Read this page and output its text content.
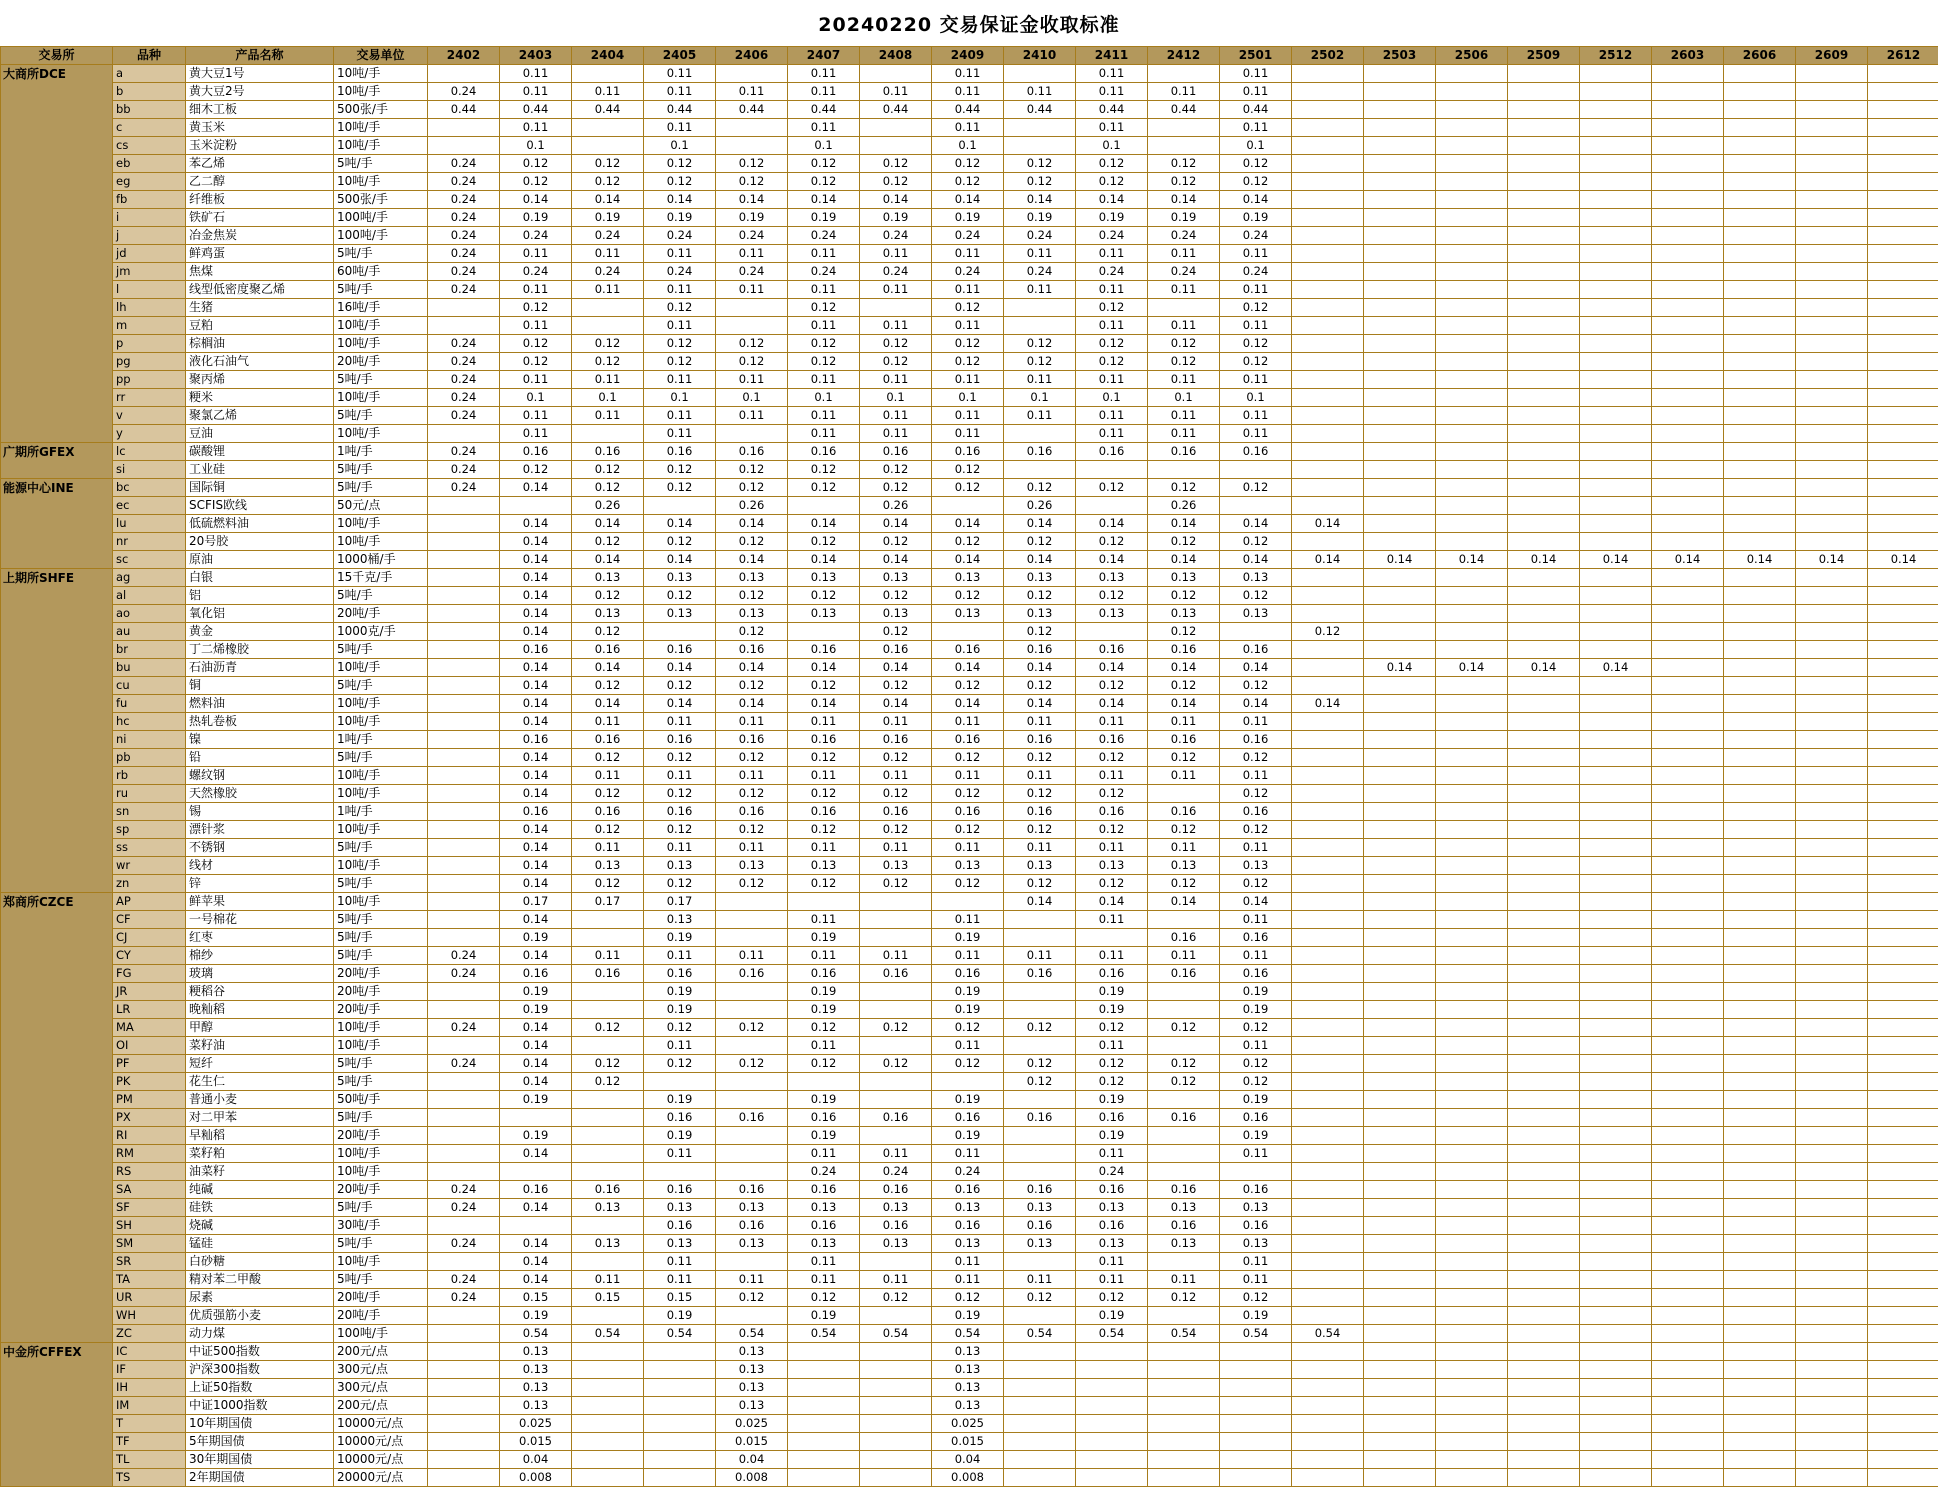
20240220 交易保证金收取标准
交易所	品种	产品名称	交易单位	2402	2403	2404	2405	2406	2407	2408	2409	2410	2411	2412	2501	2502	2503	2506	2509	2512	2603	2606	2609	2612
大商所DCE	a	黄大豆1号	10吨/手		0.11		0.11		0.11		0.11		0.11		0.11									
	b	黄大豆2号	10吨/手	0.24	0.11	0.11	0.11	0.11	0.11	0.11	0.11	0.11	0.11	0.11	0.11									
	bb	细木工板	500张/手	0.44	0.44	0.44	0.44	0.44	0.44	0.44	0.44	0.44	0.44	0.44	0.44									
	c	黄玉米	10吨/手		0.11		0.11		0.11		0.11		0.11		0.11									
	cs	玉米淀粉	10吨/手		0.1		0.1		0.1		0.1		0.1		0.1									
	eb	苯乙烯	5吨/手	0.24	0.12	0.12	0.12	0.12	0.12	0.12	0.12	0.12	0.12	0.12	0.12									
	eg	乙二醇	10吨/手	0.24	0.12	0.12	0.12	0.12	0.12	0.12	0.12	0.12	0.12	0.12	0.12									
	fb	纤维板	500张/手	0.24	0.14	0.14	0.14	0.14	0.14	0.14	0.14	0.14	0.14	0.14	0.14									
	i	铁矿石	100吨/手	0.24	0.19	0.19	0.19	0.19	0.19	0.19	0.19	0.19	0.19	0.19	0.19									
	j	冶金焦炭	100吨/手	0.24	0.24	0.24	0.24	0.24	0.24	0.24	0.24	0.24	0.24	0.24	0.24									
	jd	鲜鸡蛋	5吨/手	0.24	0.11	0.11	0.11	0.11	0.11	0.11	0.11	0.11	0.11	0.11	0.11									
	jm	焦煤	60吨/手	0.24	0.24	0.24	0.24	0.24	0.24	0.24	0.24	0.24	0.24	0.24	0.24									
	l	线型低密度聚乙烯	5吨/手	0.24	0.11	0.11	0.11	0.11	0.11	0.11	0.11	0.11	0.11	0.11	0.11									
	lh	生猪	16吨/手		0.12		0.12		0.12		0.12		0.12		0.12									
	m	豆粕	10吨/手		0.11		0.11		0.11	0.11	0.11		0.11	0.11	0.11									
	p	棕榈油	10吨/手	0.24	0.12	0.12	0.12	0.12	0.12	0.12	0.12	0.12	0.12	0.12	0.12									
	pg	液化石油气	20吨/手	0.24	0.12	0.12	0.12	0.12	0.12	0.12	0.12	0.12	0.12	0.12	0.12									
	pp	聚丙烯	5吨/手	0.24	0.11	0.11	0.11	0.11	0.11	0.11	0.11	0.11	0.11	0.11	0.11									
	rr	粳米	10吨/手	0.24	0.1	0.1	0.1	0.1	0.1	0.1	0.1	0.1	0.1	0.1	0.1									
	v	聚氯乙烯	5吨/手	0.24	0.11	0.11	0.11	0.11	0.11	0.11	0.11	0.11	0.11	0.11	0.11									
	y	豆油	10吨/手		0.11		0.11		0.11	0.11	0.11		0.11	0.11	0.11									
广期所GFEX	lc	碳酸锂	1吨/手	0.24	0.16	0.16	0.16	0.16	0.16	0.16	0.16	0.16	0.16	0.16	0.16									
	si	工业硅	5吨/手	0.24	0.12	0.12	0.12	0.12	0.12	0.12	0.12													
能源中心INE	bc	国际铜	5吨/手	0.24	0.14	0.12	0.12	0.12	0.12	0.12	0.12	0.12	0.12	0.12	0.12									
	ec	SCFIS欧线	50元/点			0.26		0.26		0.26		0.26		0.26										
	lu	低硫燃料油	10吨/手		0.14	0.14	0.14	0.14	0.14	0.14	0.14	0.14	0.14	0.14	0.14	0.14								
	nr	20号胶	10吨/手		0.14	0.12	0.12	0.12	0.12	0.12	0.12	0.12	0.12	0.12	0.12									
	sc	原油	1000桶/手		0.14	0.14	0.14	0.14	0.14	0.14	0.14	0.14	0.14	0.14	0.14	0.14	0.14	0.14	0.14	0.14	0.14	0.14	0.14	0.14
上期所SHFE	ag	白银	15千克/手		0.14	0.13	0.13	0.13	0.13	0.13	0.13	0.13	0.13	0.13	0.13									
	al	铝	5吨/手		0.14	0.12	0.12	0.12	0.12	0.12	0.12	0.12	0.12	0.12	0.12									
	ao	氧化铝	20吨/手		0.14	0.13	0.13	0.13	0.13	0.13	0.13	0.13	0.13	0.13	0.13									
	au	黄金	1000克/手		0.14	0.12		0.12		0.12		0.12		0.12		0.12								
	br	丁二烯橡胶	5吨/手		0.16	0.16	0.16	0.16	0.16	0.16	0.16	0.16	0.16	0.16	0.16									
	bu	石油沥青	10吨/手		0.14	0.14	0.14	0.14	0.14	0.14	0.14	0.14	0.14	0.14	0.14		0.14	0.14	0.14	0.14				
	cu	铜	5吨/手		0.14	0.12	0.12	0.12	0.12	0.12	0.12	0.12	0.12	0.12	0.12									
	fu	燃料油	10吨/手		0.14	0.14	0.14	0.14	0.14	0.14	0.14	0.14	0.14	0.14	0.14	0.14								
	hc	热轧卷板	10吨/手		0.14	0.11	0.11	0.11	0.11	0.11	0.11	0.11	0.11	0.11	0.11									
	ni	镍	1吨/手		0.16	0.16	0.16	0.16	0.16	0.16	0.16	0.16	0.16	0.16	0.16									
	pb	铅	5吨/手		0.14	0.12	0.12	0.12	0.12	0.12	0.12	0.12	0.12	0.12	0.12									
	rb	螺纹钢	10吨/手		0.14	0.11	0.11	0.11	0.11	0.11	0.11	0.11	0.11	0.11	0.11									
	ru	天然橡胶	10吨/手		0.14	0.12	0.12	0.12	0.12	0.12	0.12	0.12	0.12		0.12									
	sn	锡	1吨/手		0.16	0.16	0.16	0.16	0.16	0.16	0.16	0.16	0.16	0.16	0.16									
	sp	漂针浆	10吨/手		0.14	0.12	0.12	0.12	0.12	0.12	0.12	0.12	0.12	0.12	0.12									
	ss	不锈钢	5吨/手		0.14	0.11	0.11	0.11	0.11	0.11	0.11	0.11	0.11	0.11	0.11									
	wr	线材	10吨/手		0.14	0.13	0.13	0.13	0.13	0.13	0.13	0.13	0.13	0.13	0.13									
	zn	锌	5吨/手		0.14	0.12	0.12	0.12	0.12	0.12	0.12	0.12	0.12	0.12	0.12									
郑商所CZCE	AP	鲜苹果	10吨/手		0.17	0.17	0.17					0.14	0.14	0.14	0.14									
	CF	一号棉花	5吨/手		0.14		0.13		0.11		0.11		0.11		0.11									
	CJ	红枣	5吨/手		0.19		0.19		0.19		0.19			0.16	0.16									
	CY	棉纱	5吨/手	0.24	0.14	0.11	0.11	0.11	0.11	0.11	0.11	0.11	0.11	0.11	0.11									
	FG	玻璃	20吨/手	0.24	0.16	0.16	0.16	0.16	0.16	0.16	0.16	0.16	0.16	0.16	0.16									
	JR	粳稻谷	20吨/手		0.19		0.19		0.19		0.19		0.19		0.19									
	LR	晚籼稻	20吨/手		0.19		0.19		0.19		0.19		0.19		0.19									
	MA	甲醇	10吨/手	0.24	0.14	0.12	0.12	0.12	0.12	0.12	0.12	0.12	0.12	0.12	0.12									
	OI	菜籽油	10吨/手		0.14		0.11		0.11		0.11		0.11		0.11									
	PF	短纤	5吨/手	0.24	0.14	0.12	0.12	0.12	0.12	0.12	0.12	0.12	0.12	0.12	0.12									
	PK	花生仁	5吨/手		0.14	0.12						0.12	0.12	0.12	0.12									
	PM	普通小麦	50吨/手		0.19		0.19		0.19		0.19		0.19		0.19									
	PX	对二甲苯	5吨/手				0.16	0.16	0.16	0.16	0.16	0.16	0.16	0.16	0.16									
	RI	早籼稻	20吨/手		0.19		0.19		0.19		0.19		0.19		0.19									
	RM	菜籽粕	10吨/手		0.14		0.11		0.11	0.11	0.11		0.11		0.11									
	RS	油菜籽	10吨/手						0.24	0.24	0.24		0.24											
	SA	纯碱	20吨/手	0.24	0.16	0.16	0.16	0.16	0.16	0.16	0.16	0.16	0.16	0.16	0.16									
	SF	硅铁	5吨/手	0.24	0.14	0.13	0.13	0.13	0.13	0.13	0.13	0.13	0.13	0.13	0.13									
	SH	烧碱	30吨/手				0.16	0.16	0.16	0.16	0.16	0.16	0.16	0.16	0.16									
	SM	锰硅	5吨/手	0.24	0.14	0.13	0.13	0.13	0.13	0.13	0.13	0.13	0.13	0.13	0.13									
	SR	白砂糖	10吨/手		0.14		0.11		0.11		0.11		0.11		0.11									
	TA	精对苯二甲酸	5吨/手	0.24	0.14	0.11	0.11	0.11	0.11	0.11	0.11	0.11	0.11	0.11	0.11									
	UR	尿素	20吨/手	0.24	0.15	0.15	0.15	0.12	0.12	0.12	0.12	0.12	0.12	0.12	0.12									
	WH	优质强筋小麦	20吨/手		0.19		0.19		0.19		0.19		0.19		0.19									
	ZC	动力煤	100吨/手		0.54	0.54	0.54	0.54	0.54	0.54	0.54	0.54	0.54	0.54	0.54	0.54								
中金所CFFEX	IC	中证500指数	200元/点		0.13			0.13			0.13													
	IF	沪深300指数	300元/点		0.13			0.13			0.13													
	IH	上证50指数	300元/点		0.13			0.13			0.13													
	IM	中证1000指数	200元/点		0.13			0.13			0.13													
	T	10年期国债	10000元/点		0.025			0.025			0.025													
	TF	5年期国债	10000元/点		0.015			0.015			0.015													
	TL	30年期国债	10000元/点		0.04			0.04			0.04													
	TS	2年期国债	20000元/点		0.008			0.008			0.008													
